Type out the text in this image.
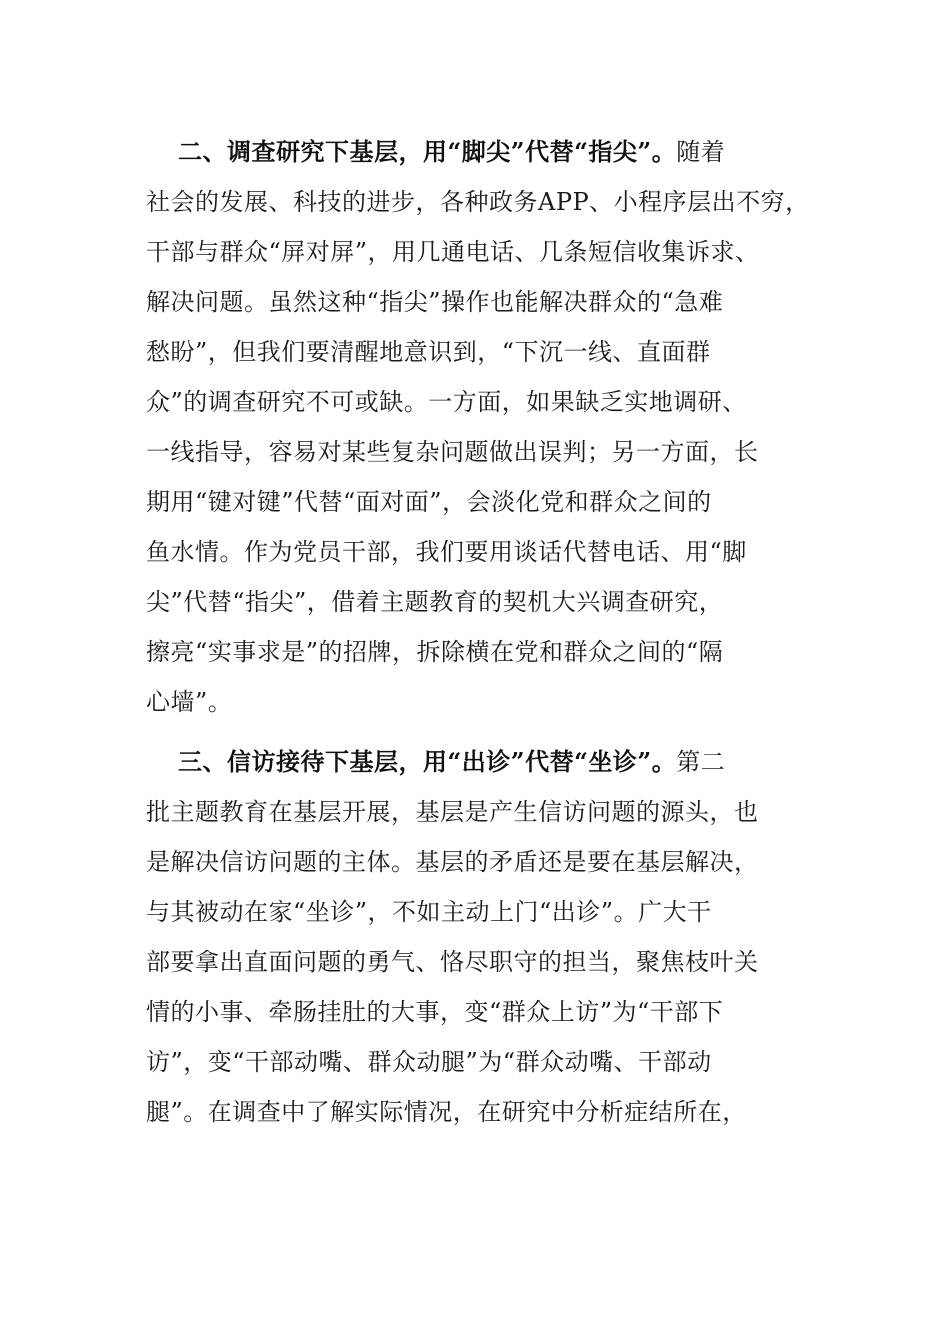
二、调查研究下基层，用“脚尖”代替“指尖”。随着
社会的发展、科技的进步，各种政务APP、小程序层出不穷，
干部与群众“屏对屏”，用几通电话、几条短信收集诉求、
解决问题。虽然这种“指尖”操作也能解决群众的“急难
愁盼”，但我们要清醒地意识到，“下沉一线、直面群
众”的调查研究不可或缺。一方面，如果缺乏实地调研、
一线指导，容易对某些复杂问题做出误判；另一方面，长
期用“键对键”代替“面对面”，会淡化党和群众之间的
鱼水情。作为党员干部，我们要用谈话代替电话、用“脚
尖”代替“指尖”，借着主题教育的契机大兴调查研究，
擦亮“实事求是”的招牌，拆除横在党和群众之间的“隔
心墙”。
三、信访接待下基层，用“出诊”代替“坐诊”。第二
批主题教育在基层开展，基层是产生信访问题的源头，也
是解决信访问题的主体。基层的矛盾还是要在基层解决，
与其被动在家“坐诊”，不如主动上门“出诊”。广大干
部要拿出直面问题的勇气、恪尽职守的担当，聚焦枝叶关
情的小事、牵肠挂肚的大事，变“群众上访”为“干部下
访”，变“干部动嘴、群众动腿”为“群众动嘴、干部动
腿”。在调查中了解实际情况，在研究中分析症结所在，
